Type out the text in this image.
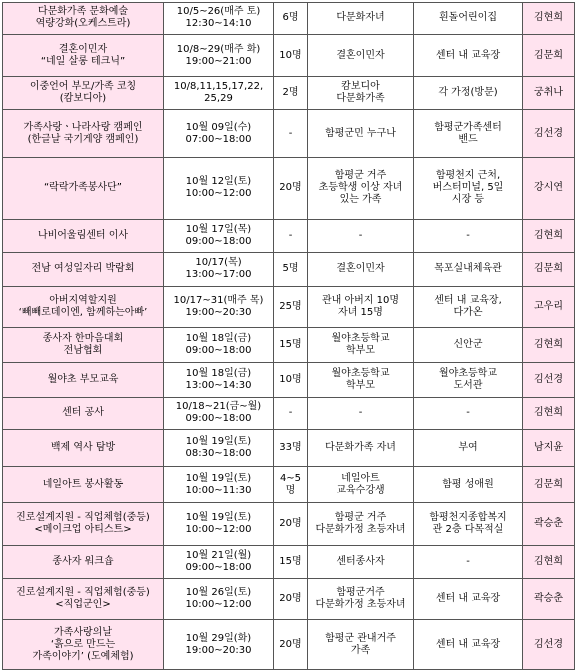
다문화가족 문화예술
역량강화(오케스트라)	10/5~26(매주 토)
12:30~14:10	6명	다문화자녀	흰돌어린이집	김현희

결혼이민자
“네일 살롱 테크닉”	10/8~29(매주 화)
19:00~21:00	10명	결혼이민자	센터 내 교육장	김문희

이중언어 부모/가족 코칭
(캄보디아)	10/8,11,15,17,22,
25,29	2명	캄보디아
다문화가족	각 가정(방문)	궁취나

가족사랑ㆍ나라사랑 캠페인
(한글날 국기게양 캠페인)	10월 09일(수)
07:00~18:00	-	함평군민 누구나	함평군가족센터
밴드	김선경

“락락가족봉사단”	10월 12일(토)
10:00~12:00	20명	함평군 거주
초등학생 이상 자녀
있는 가족	함평천지 근처,
버스터미널, 5일
시장 등	강시연

나비어울림센터 이사	10월 17일(목)
09:00~18:00	-	-	-	김현희

전남 여성일자리 박람회	10/17(목)
13:00~17:00	5명	결혼이민자	목포실내체육관	김문희

아버지역할지원
‘빼빼로데이엔, 함께하는아빠’	10/17~31(매주 목)
19:00~20:30	25명	관내 아버지 10명
자녀 15명	센터 내 교육장,
다가온	고우리

종사자 한마음대회
전남협회	10월 18일(금)
09:00~18:00	15명	월야초등학교
학부모	신안군	김현희

월야초 부모교육	10월 18일(금)
13:00~14:30	10명	월야초등학교
학부모	월야초등학교
도서관	김선경

센터 공사	10/18~21(금~월)
09:00~18:00	-	-	-	김현희

백제 역사 탐방	10월 19일(토)
08:30~18:00	33명	다문화가족 자녀	부여	남지윤

네일아트 봉사활동	10월 19일(토)
10:00~11:30	4~5명	네일아트
교육수강생	함평 성애원	김문희

진로설계지원 - 직업체험(중등)
<메이크업 아티스트>	10월 19일(토)
10:00~12:00	20명	함평군 거주
다문화가정 초등자녀	함평천지종합복지
관 2층 다목적실	곽승춘

종사자 워크숍	10월 21일(월)
09:00~18:00	15명	센터종사자	-	김현희

진로설계지원 - 직업체험(중등)
<직업군인>	10월 26일(토)
10:00~12:00	20명	함평군거주
다문화가정 초등자녀	센터 내 교육장	곽승춘

가족사랑의날
‘흙으로 만드는
가족이야기’ (도예체험)	10월 29일(화)
19:00~20:30	20명	함평군 관내거주
가족	센터 내 교육장	김선경
